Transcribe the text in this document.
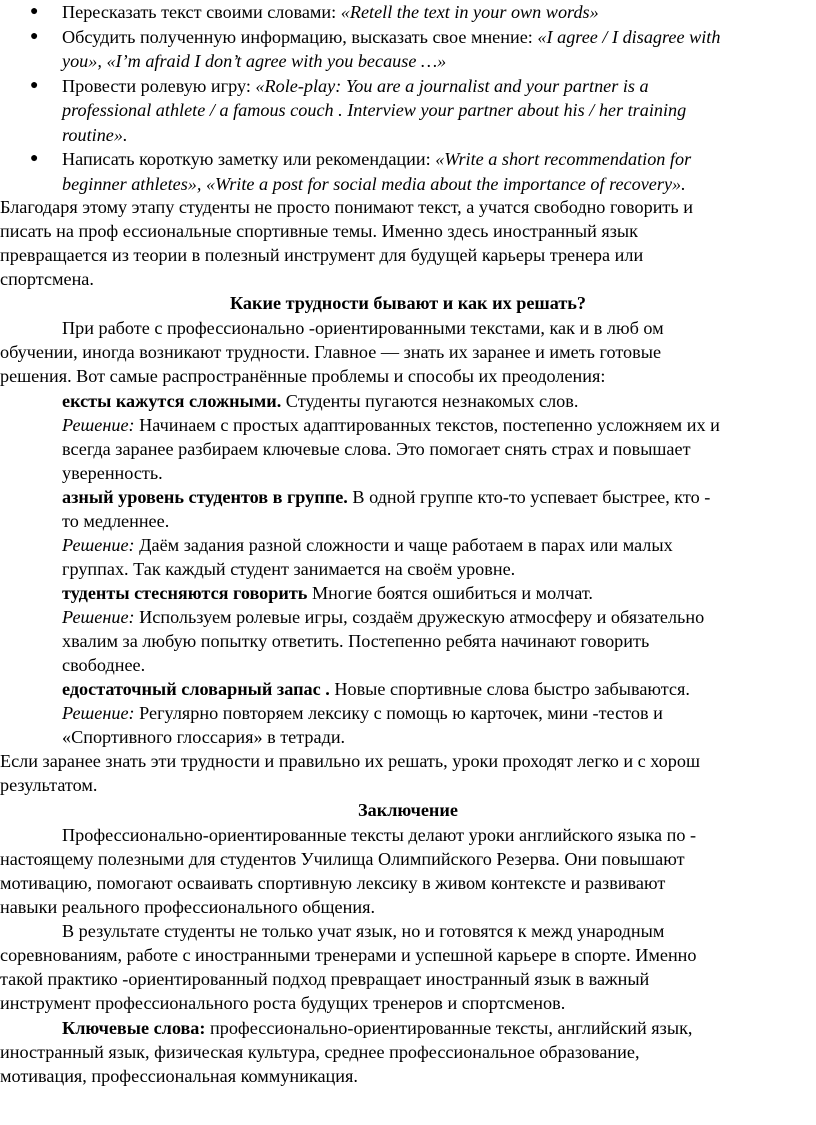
● Пересказать текст своими словами: «Retell the text in your own words»
● Обсудить полученную информацию, высказать свое мнение: «I agree / I disagree with
you», «I’m afraid I don’t agree with you because …»
● Провести ролевую игру: «Role-play: You are a journalist and your partner is a
professional athlete / a famous couch . Interview your partner about his / her training
routine».
● Написать короткую заметку или рекомендации: «Write a short recommendation for
beginner athletes», «Write a post for social media about the importance of recovery».
Благодаря этому этапу студенты не просто понимают текст, а учатся свободно говорить и
писать на проф ессиональные спортивные темы. Именно здесь иностранный язык
превращается из теории в полезный инструмент для будущей карьеры тренера или
спортсмена.
Какие трудности бывают и как их решать?
При работе с профессионально -ориентированными текстами, как и в люб ом
обучении, иногда возникают трудности. Главное — знать их заранее и иметь готовые
решения. Вот самые распространённые проблемы и способы их преодоления:
ексты кажутся сложными. Студенты пугаются незнакомых слов.
Решение: Начинаем с простых адаптированных текстов, постепенно усложняем их и
всегда заранее разбираем ключевые слова. Это помогает снять страх и повышает
уверенность.
азный уровень студентов в группе. В одной группе кто-то успевает быстрее, кто -
то медленнее.
Решение: Даём задания разной сложности и чаще работаем в парах или малых
группах. Так каждый студент занимается на своём уровне.
туденты стесняются говорить Многие боятся ошибиться и молчат.
Решение: Используем ролевые игры, создаём дружескую атмосферу и обязательно
хвалим за любую попытку ответить. Постепенно ребята начинают говорить
свободнее.
едостаточный словарный запас . Новые спортивные слова быстро забываются.
Решение: Регулярно повторяем лексику с помощь ю карточек, мини -тестов и
«Спортивного глоссария» в тетради.
Если заранее знать эти трудности и правильно их решать, уроки проходят легко и с хорош
результатом.
Заключение
Профессионально-ориентированные тексты делают уроки английского языка по -
настоящему полезными для студентов Училища Олимпийского Резерва. Они повышают
мотивацию, помогают осваивать спортивную лексику в живом контексте и развивают
навыки реального профессионального общения.
В результате студенты не только учат язык, но и готовятся к межд ународным
соревнованиям, работе с иностранными тренерами и успешной карьере в спорте. Именно
такой практико -ориентированный подход превращает иностранный язык в важный
инструмент профессионального роста будущих тренеров и спортсменов.
Ключевые слова: профессионально-ориентированные тексты, английский язык,
иностранный язык, физическая культура, среднее профессиональное образование,
мотивация, профессиональная коммуникация.
